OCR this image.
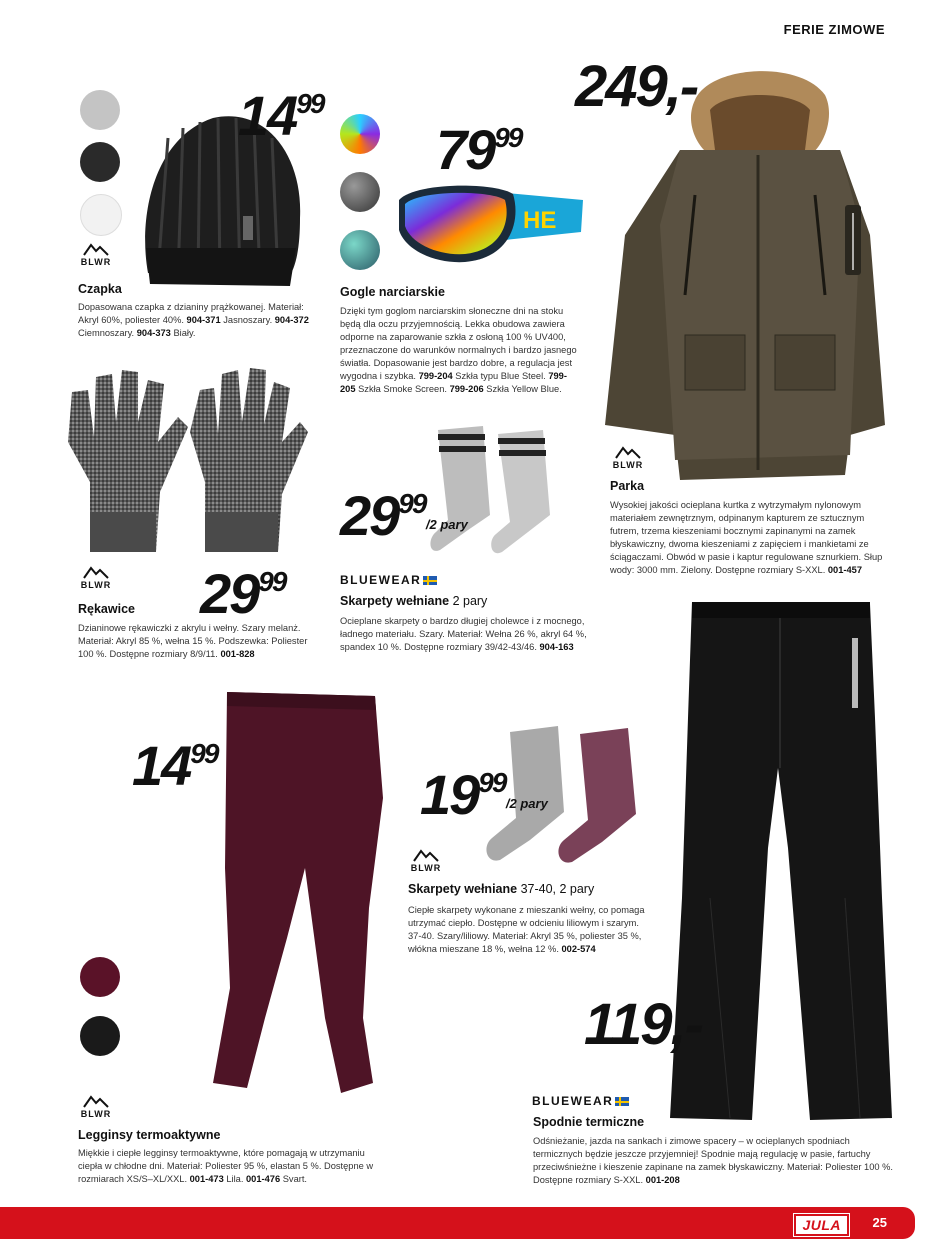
FERIE ZIMOWE
1499
BLWR
Czapka
Dopasowana czapka z dzianiny prążkowanej. Materiał: Akryl 60%, poliester 40%. 904-371 Jasnoszary. 904-372 Ciemnoszary. 904-373 Biały.
HE
7999
Gogle narciarskie
Dzięki tym goglom narciarskim słoneczne dni na stoku będą dla oczu przyjemnością. Lekka obudowa zawiera odporne na zaparowanie szkła z osłoną 100 % UV400, przeznaczone do warunków normalnych i bardzo jasnego światła. Dopasowanie jest bardzo dobre, a regulacja jest wygodna i szybka. 799-204 Szkła typu Blue Steel. 799-205 Szkła Smoke Screen. 799-206 Szkła Yellow Blue.
249,-
BLWR
Parka
Wysokiej jakości ocieplana kurtka z wytrzymałym nylonowym materiałem zewnętrznym, odpinanym kapturem ze sztucznym futrem, trzema kieszeniami bocznymi zapinanymi na zamek błyskawiczny, dwoma kieszeniami z zapięciem i mankietami ze ściągaczami. Obwód w pasie i kaptur regulowane sznurkiem. Słup wody: 3000 mm. Zielony. Dostępne rozmiary S-XXL. 001-457
BLWR 2999
Rękawice
Dzianinowe rękawiczki z akrylu i wełny. Szary melanż. Materiał: Akryl 85 %, wełna 15 %. Podszewka: Poliester 100 %. Dostępne rozmiary 8/9/11. 001-828
2999 $^{/2 pary}$
BLUEWEAR
Skarpety wełniane 2 pary
Ocieplane skarpety o bardzo długiej cholewce i z mocnego, ładnego materiału. Szary. Materiał: Wełna 26 %, akryl 64 %, spandex 10 %. Dostępne rozmiary 39/42-43/46. 904-163
1499
BLWR
Legginsy termoaktywne
Miękkie i ciepłe legginsy termoaktywne, które pomagają w utrzymaniu ciepła w chłodne dni. Materiał: Poliester 95 %, elastan 5 %. Dostępne w rozmiarach XS/S–XL/XXL. 001-473 Lila. 001-476 Svart.
1999 $^{/2 pary}$
BLWR
Skarpety wełniane 37-40, 2 pary
Ciepłe skarpety wykonane z mieszanki wełny, co pomaga utrzymać ciepło. Dostępne w odcieniu liliowym i szarym. 37-40. Szary/liliowy. Materiał: Akryl 35 %, poliester 35 %, włókna mieszane 18 %, wełna 12 %. 002-574
119,-
BLUEWEAR
Spodnie termiczne
Odśnieżanie, jazda na sankach i zimowe spacery – w ocieplanych spodniach termicznych będzie jeszcze przyjemniej! Spodnie mają regulację w pasie, fartuchy przeciwśnieżne i kieszenie zapinane na zamek błyskawiczny. Materiał: Poliester 100 %. Dostępne rozmiary S-XXL. 001-208
JULA	25
